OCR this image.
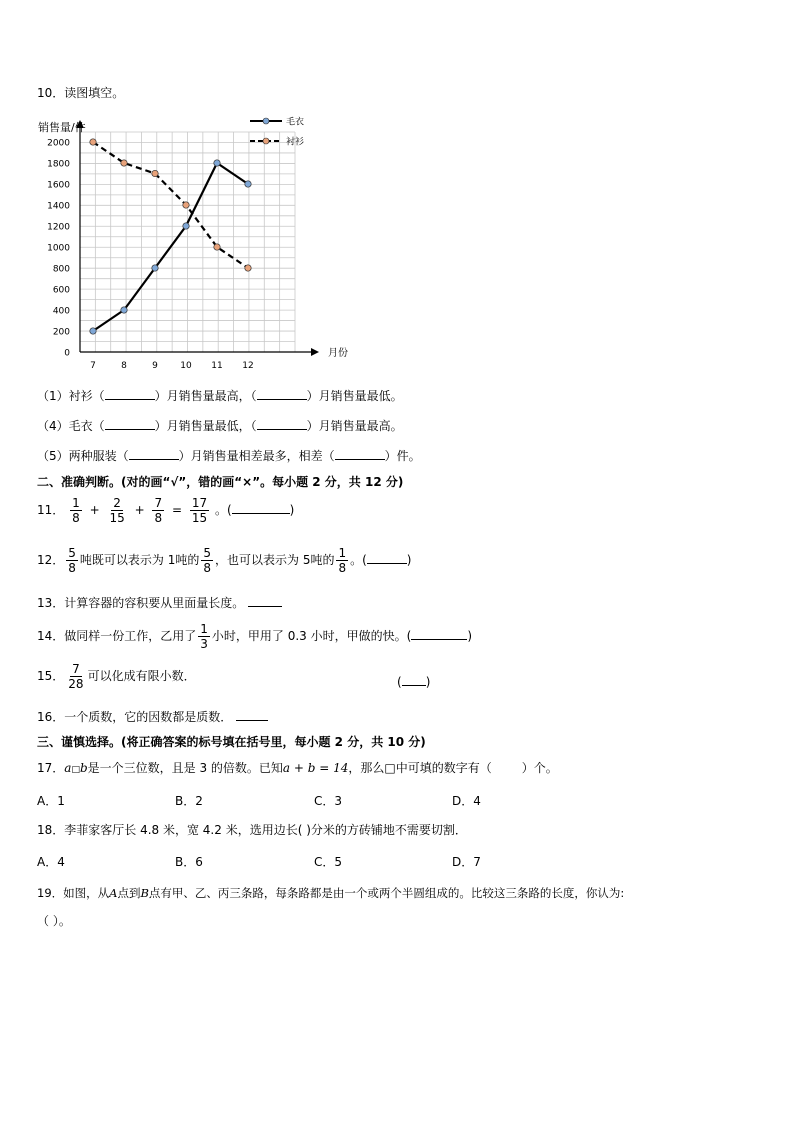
10．读图填空。
销售量/件
月份
0
200
400
600
800
1000
1200
1400
1600
1800
2000
7	8	9 10 11 12
毛衣
衬衫
（1）衬衫（	）月销售量最高，（	）月销售量最低。
（4）毛衣（	）月销售量最低，（	）月销售量最高。
（5）两种服装（	）月销售量相差最多，相差（	）件。
二、准确判断。(对的画“√”，错的画“×”。每小题 2 分，共 12 分)
11． $\frac{1}{8} + \frac{2}{15} + \frac{7}{8} = \frac{17}{15}$ 。(	)
12． $\frac{5}{8}$ 吨既可以表示为 1吨的 $\frac{5}{8}$ ，也可以表示为 5吨的 $\frac{1}{8}$ 。(	)
13．计算容器的容积要从里面量长度。
14．做同样一份工作，乙用了 $\frac{1}{3}$ 小时，甲用了 0.3 小时，甲做的快。(	)
15． $\frac{7}{28}$ 可以化成有限小数．	( )
16．一个质数，它的因数都是质数．
三、谨慎选择。(将正确答案的标号填在括号里，每小题 2 分，共 10 分)
17．a□b是一个三位数，且是 3 的倍数。已知a + b = 14，那么□中可填的数字有（	）个。
A．1	B．2	C．3	D．4
18．李菲家客厅长 4.8 米，宽 4.2 米，选用边长( )分米的方砖铺地不需要切割．
A．4	B．6	C．5	D．7
19．如图，从A点到B点有甲、乙、丙三条路，每条路都是由一个或两个半圆组成的。比较这三条路的长度，你认为:
（ ）。
